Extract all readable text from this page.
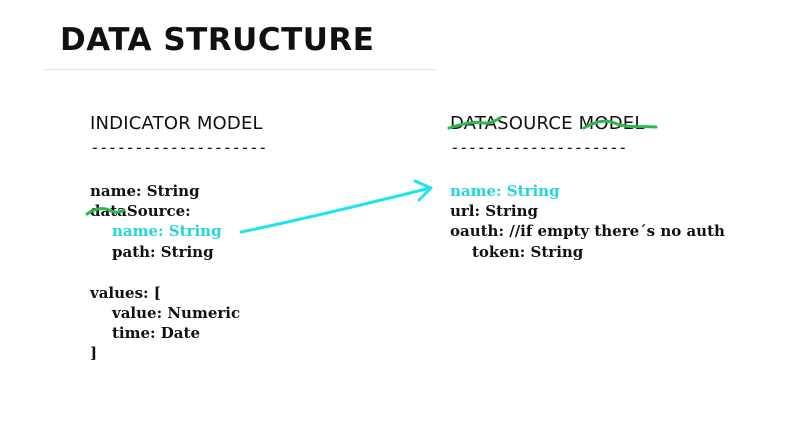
DATA STRUCTURE
INDICATOR MODEL
--------------------
name: String
dataSource:
name: String
path: String
values: [
value: Numeric
time: Date
]
DATASOURCE MODEL
--------------------
name: String
url: String
oauth: //if empty there´s no auth
token: String
